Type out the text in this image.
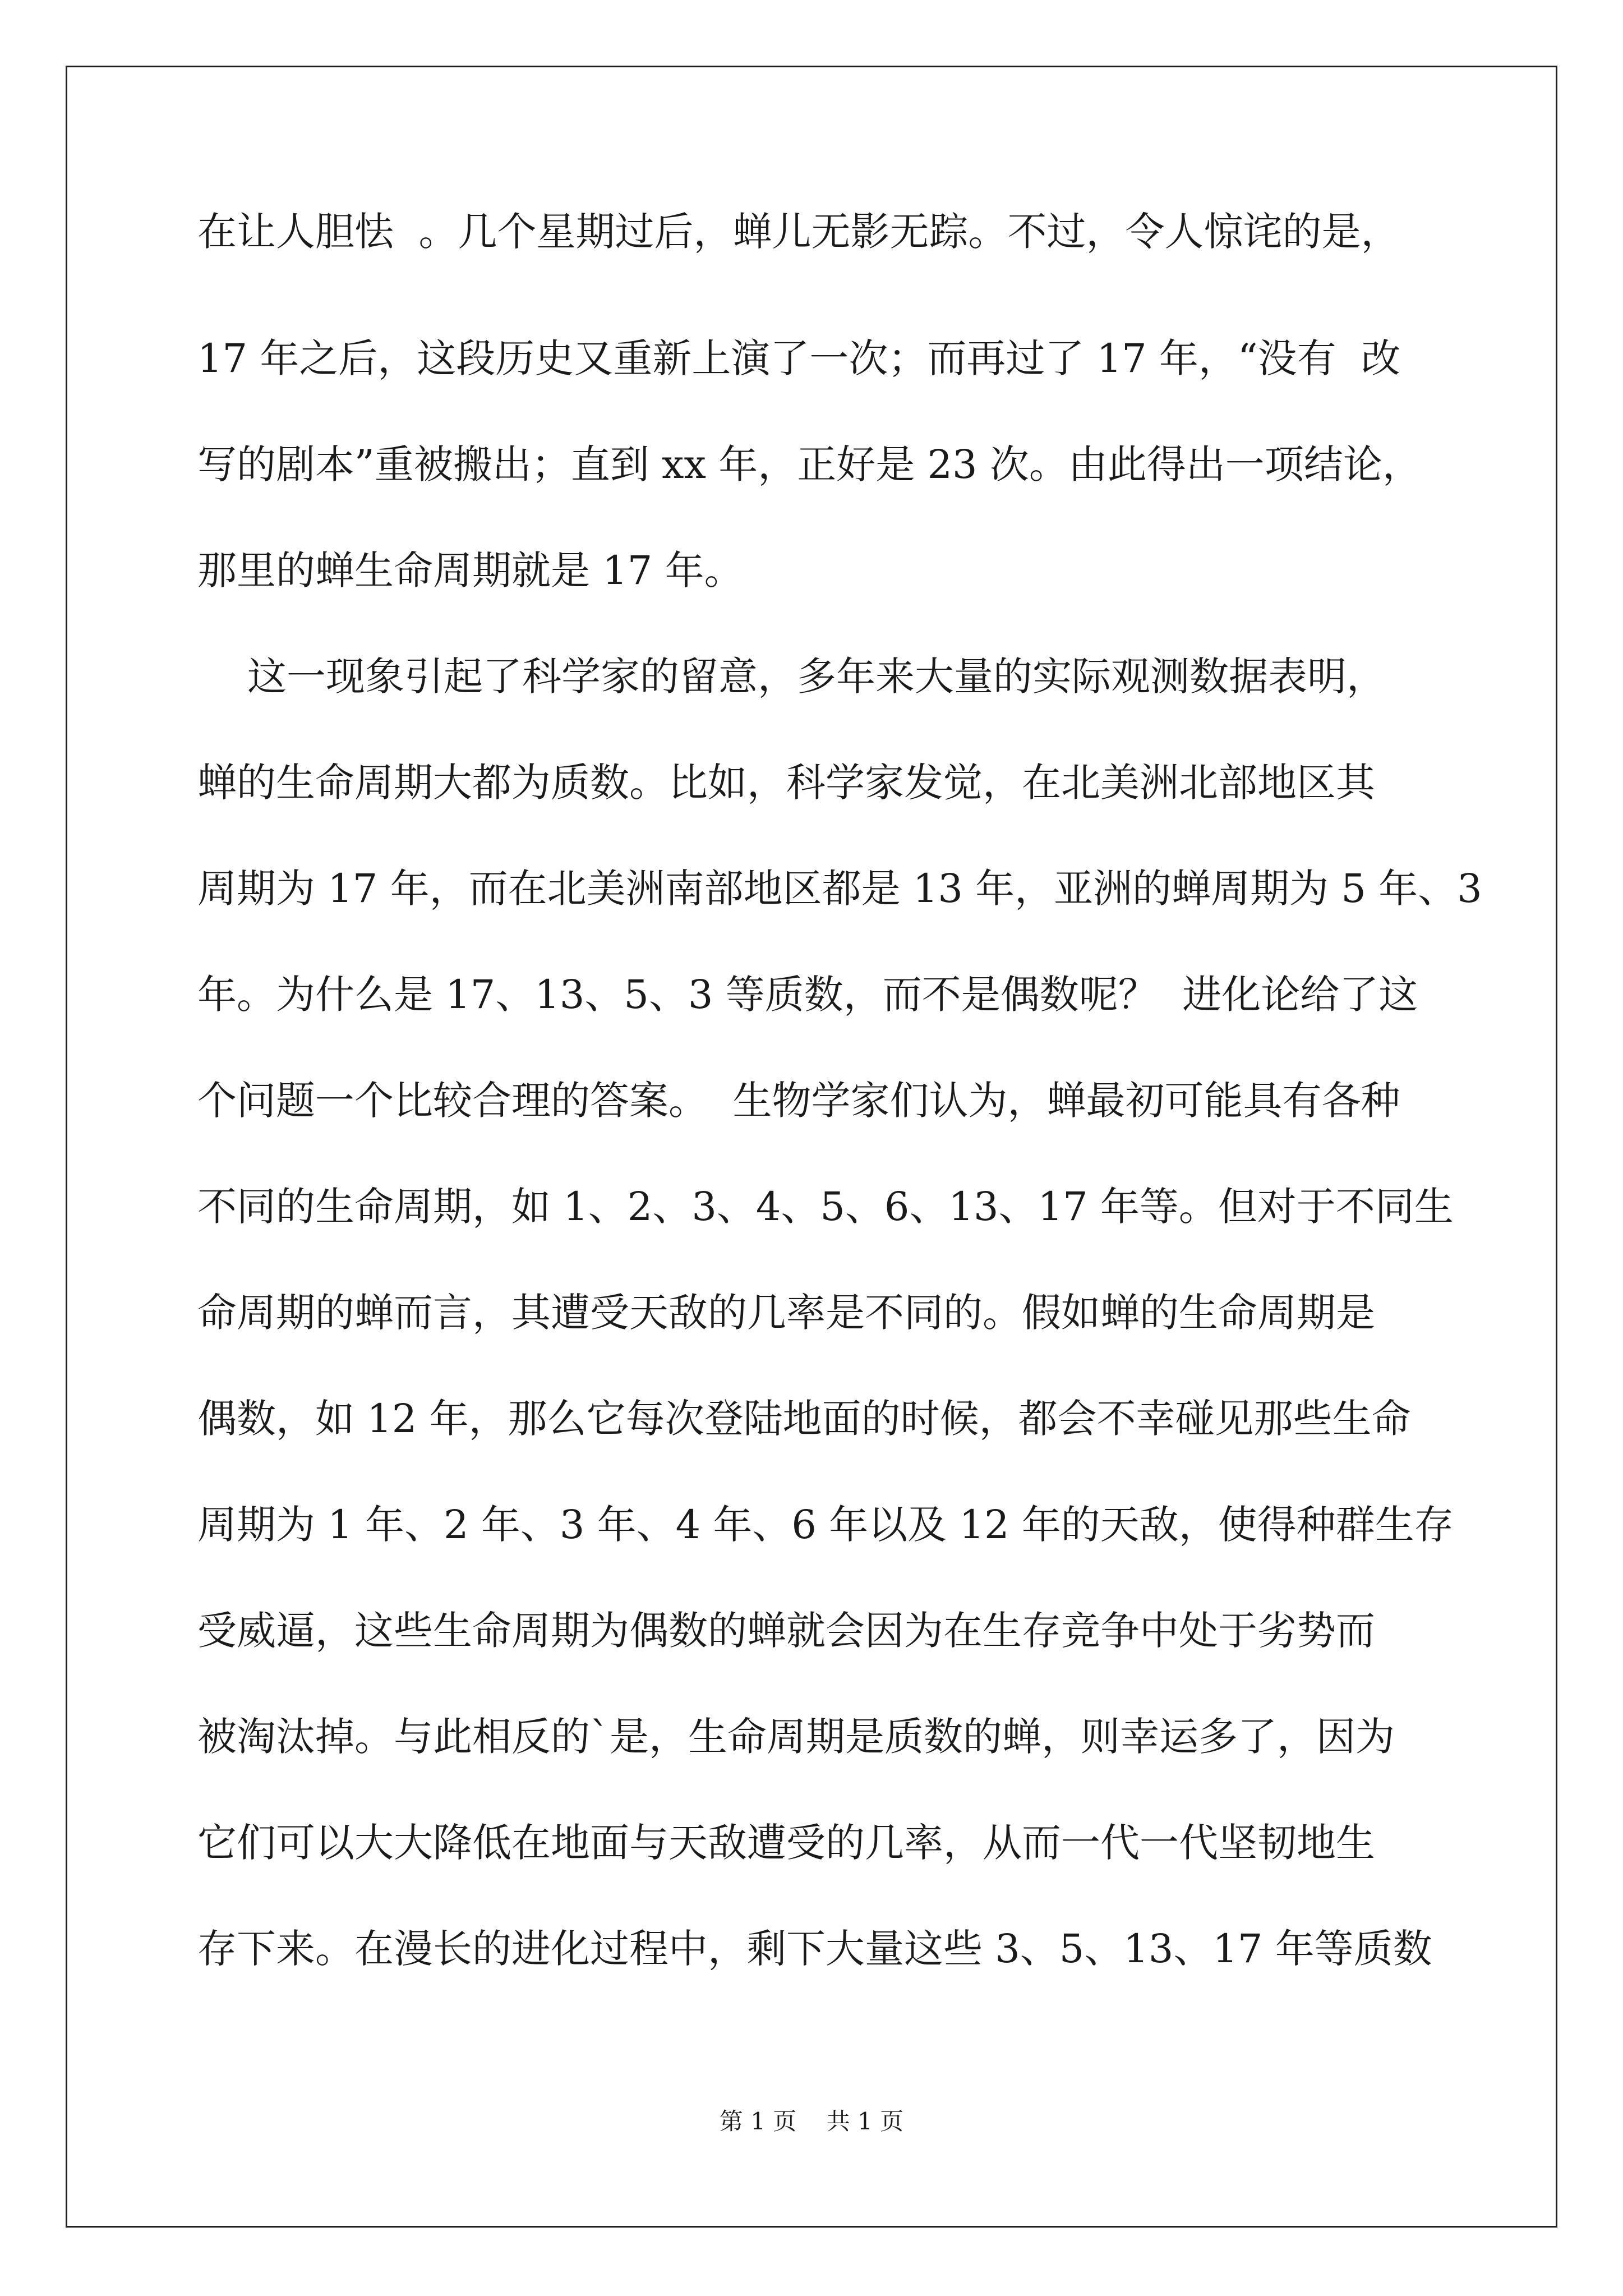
在让人胆怯  。几个星期过后，蝉儿无影无踪。不过，令人惊诧的是，
17 年之后，这段历史又重新上演了一次；而再过了 17 年，“没有  改
写的剧本”重被搬出；直到 xx 年，正好是 23 次。由此得出一项结论，
那里的蝉生命周期就是 17 年。
这一现象引起了科学家的留意，多年来大量的实际观测数据表明，
蝉的生命周期大都为质数。比如，科学家发觉，在北美洲北部地区其
周期为 17 年，而在北美洲南部地区都是 13 年，亚洲的蝉周期为 5 年、3
年。为什么是 17、13、5、3 等质数，而不是偶数呢？  进化论给了这
个问题一个比较合理的答案。  生物学家们认为，蝉最初可能具有各种
不同的生命周期，如 1、2、3、4、5、6、13、17 年等。但对于不同生
命周期的蝉而言，其遭受天敌的几率是不同的。假如蝉的生命周期是
偶数，如 12 年，那么它每次登陆地面的时候，都会不幸碰见那些生命
周期为 1 年、2 年、3 年、4 年、6 年以及 12 年的天敌，使得种群生存
受威逼，这些生命周期为偶数的蝉就会因为在生存竞争中处于劣势而
被淘汰掉。与此相反的`是，生命周期是质数的蝉，则幸运多了，因为
它们可以大大降低在地面与天敌遭受的几率，从而一代一代坚韧地生
存下来。在漫长的进化过程中，剩下大量这些 3、5、13、17 年等质数
第 1 页    共 1 页
